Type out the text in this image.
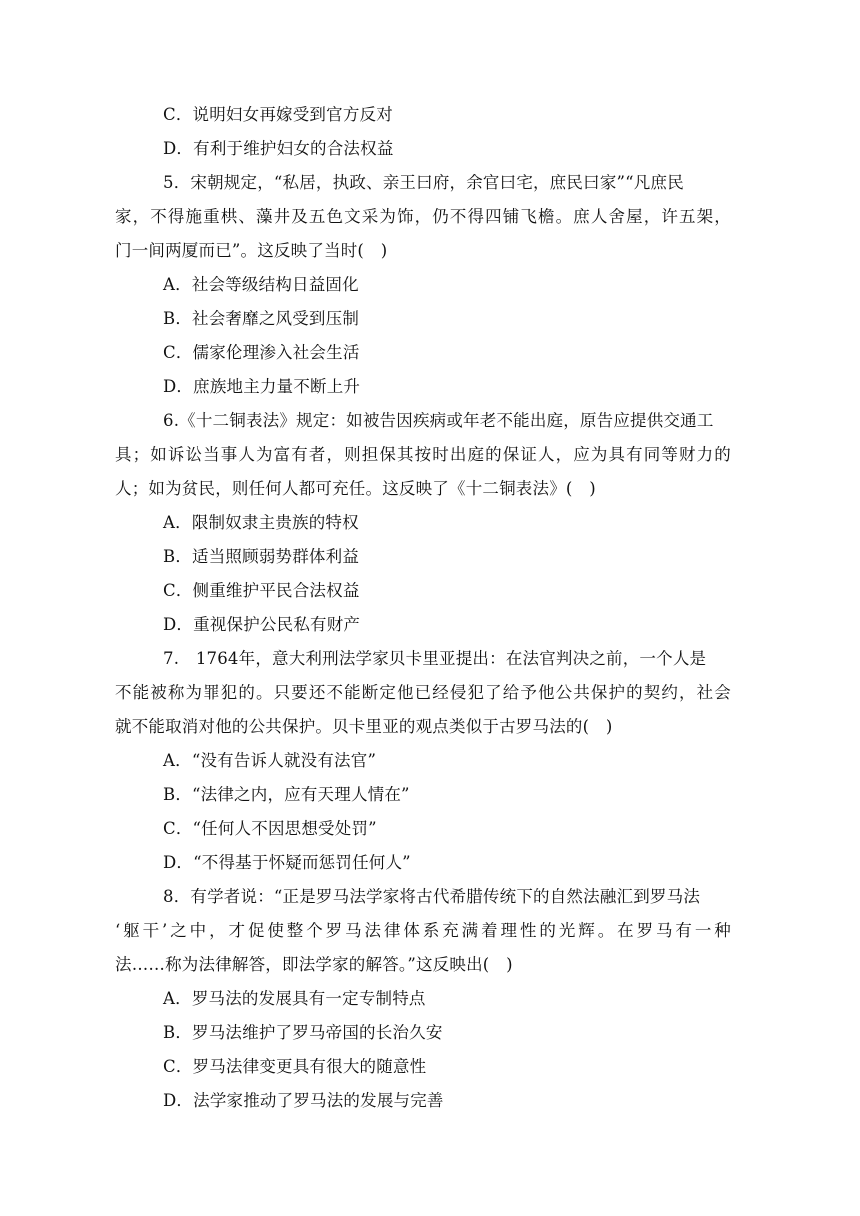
C．说明妇女再嫁受到官方反对
D．有利于维护妇女的合法权益
5．宋朝规定，“私居，执政、亲王曰府，余官曰宅，庶民曰家”“凡庶民
家，不得施重栱、藻井及五色文采为饰，仍不得四铺飞檐。庶人舍屋，许五架，
门一间两厦而已”。这反映了当时(　)
A．社会等级结构日益固化
B．社会奢靡之风受到压制
C．儒家伦理渗入社会生活
D．庶族地主力量不断上升
6.《十二铜表法》规定：如被告因疾病或年老不能出庭，原告应提供交通工
具；如诉讼当事人为富有者，则担保其按时出庭的保证人，应为具有同等财力的
人；如为贫民，则任何人都可充任。这反映了《十二铜表法》(　)
A．限制奴隶主贵族的特权
B．适当照顾弱势群体利益
C．侧重维护平民合法权益
D．重视保护公民私有财产
7.　1764年，意大利刑法学家贝卡里亚提出：在法官判决之前，一个人是
不能被称为罪犯的。只要还不能断定他已经侵犯了给予他公共保护的契约，社会
就不能取消对他的公共保护。贝卡里亚的观点类似于古罗马法的(　)
A．“没有告诉人就没有法官”
B．“法律之内，应有天理人情在”
C．“任何人不因思想受处罚”
D．“不得基于怀疑而惩罚任何人”
8．有学者说：“正是罗马法学家将古代希腊传统下的自然法融汇到罗马法
‘躯干’之中，才促使整个罗马法律体系充满着理性的光辉。在罗马有一种
法……称为法律解答，即法学家的解答。”这反映出(　)
A．罗马法的发展具有一定专制特点
B．罗马法维护了罗马帝国的长治久安
C．罗马法律变更具有很大的随意性
D．法学家推动了罗马法的发展与完善
